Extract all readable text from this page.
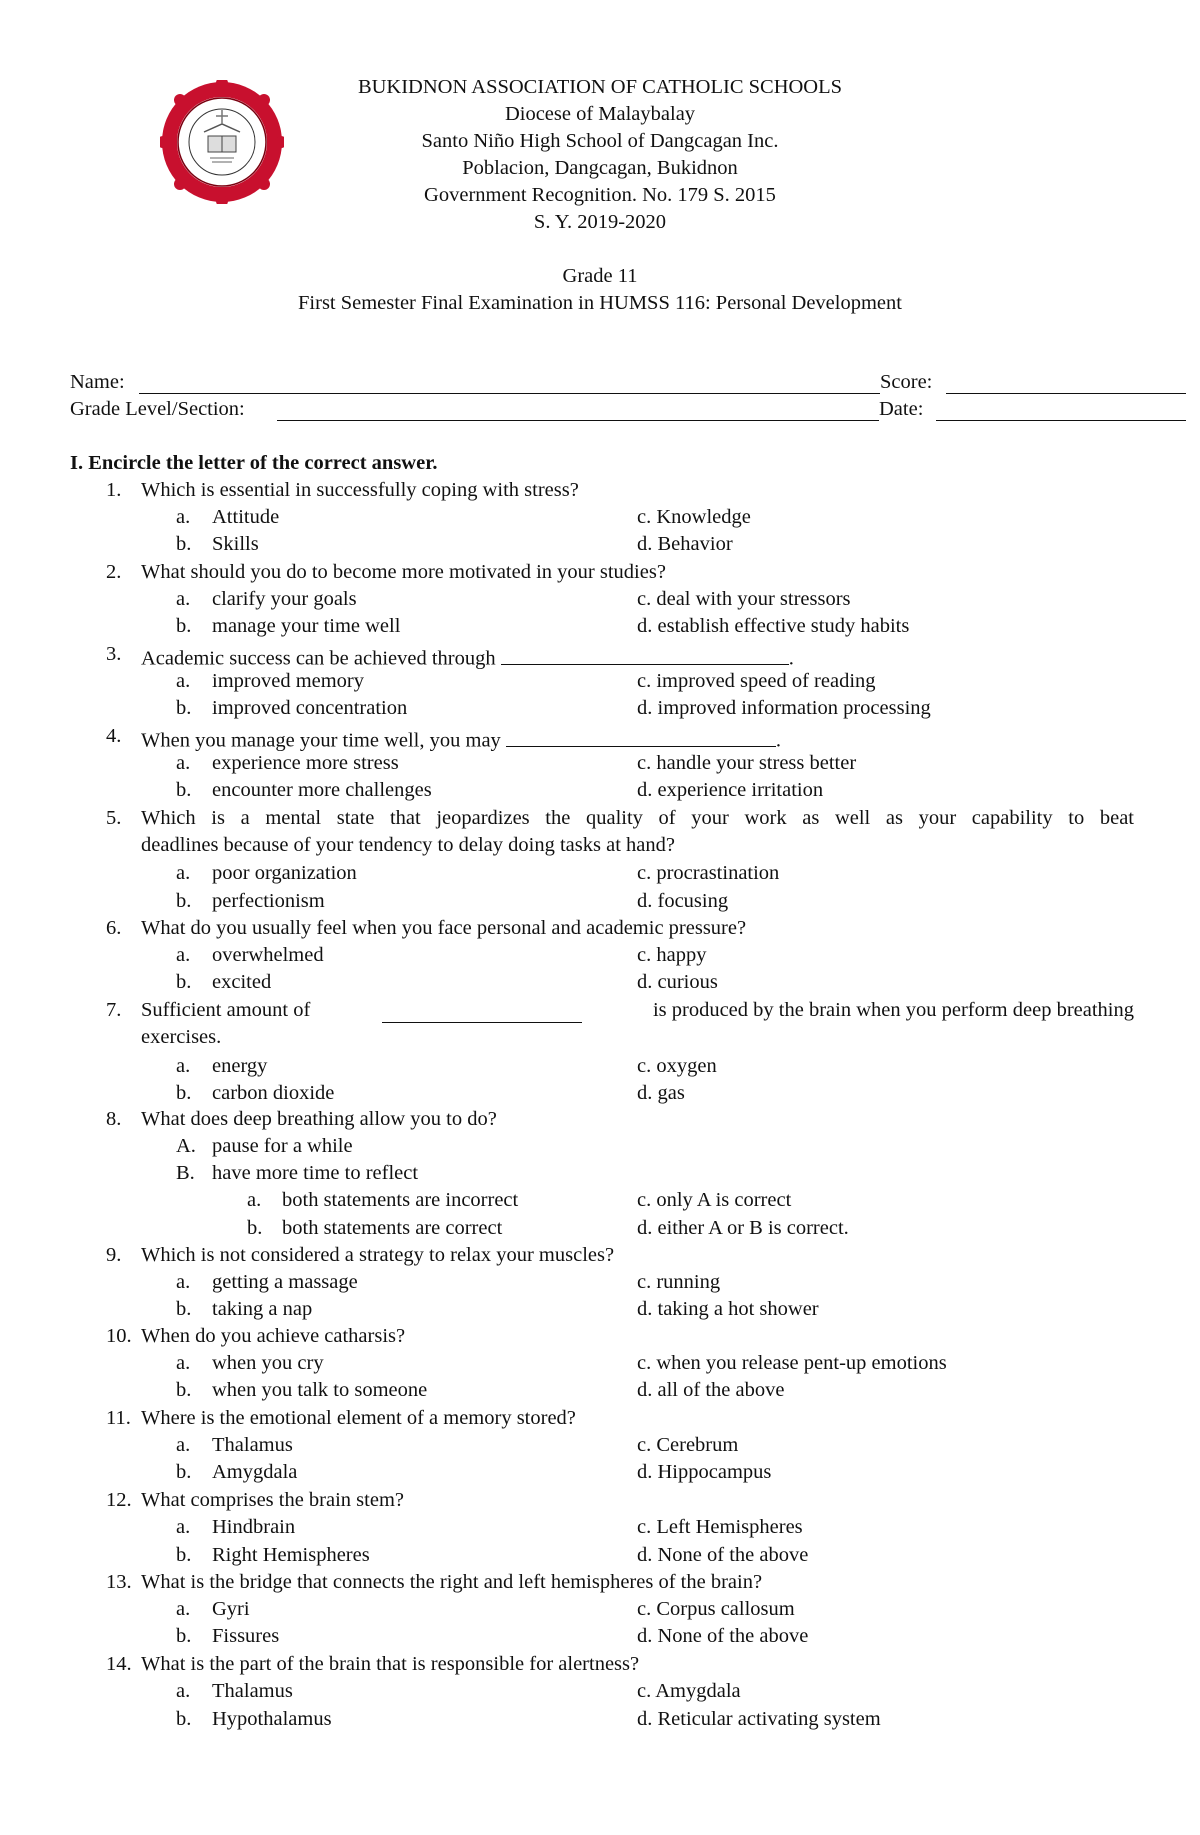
BUKIDNON ASSOCIATION OF CATHOLIC SCHOOLS
Diocese of Malaybalay
Santo Niño High School of Dangcagan Inc.
Poblacion, Dangcagan, Bukidnon
Government Recognition. No. 179 S. 2015
S. Y. 2019-2020
Grade 11
First Semester Final Examination in HUMSS 116: Personal Development
Name:	Score:
Grade Level/Section:	Date:
I. Encircle the letter of the correct answer.
1. Which is essential in successfully coping with stress?
a. Attitude	c. Knowledge
b. Skills	d. Behavior
2. What should you do to become more motivated in your studies?
a. clarify your goals	c. deal with your stressors
b. manage your time well	d. establish effective study habits
3. Academic success can be achieved through	.
a. improved memory	c. improved speed of reading
b. improved concentration	d. improved information processing
4. When you manage your time well, you may	.
a. experience more stress	c. handle your stress better
b. encounter more challenges	d. experience irritation
5. Which is a mental state that jeopardizes the quality of your work as well as your capability to beat
deadlines because of your tendency to delay doing tasks at hand?
a. poor organization	c. procrastination
b. perfectionism	d. focusing
6. What do you usually feel when you face personal and academic pressure?
a. overwhelmed	c. happy
b. excited	d. curious
7. Sufficient amount of	is produced by the brain when you perform deep breathing
exercises.
a. energy	c. oxygen
b. carbon dioxide	d. gas
8. What does deep breathing allow you to do?
A. pause for a while
B. have more time to reflect
a. both statements are incorrect	c. only A is correct
b. both statements are correct	d. either A or B is correct.
9. Which is not considered a strategy to relax your muscles?
a. getting a massage	c. running
b. taking a nap	d. taking a hot shower
10. When do you achieve catharsis?
a. when you cry	c. when you release pent-up emotions
b. when you talk to someone	d. all of the above
11. Where is the emotional element of a memory stored?
a. Thalamus	c. Cerebrum
b. Amygdala	d. Hippocampus
12. What comprises the brain stem?
a. Hindbrain	c. Left Hemispheres
b. Right Hemispheres	d. None of the above
13. What is the bridge that connects the right and left hemispheres of the brain?
a. Gyri	c. Corpus callosum
b. Fissures	d. None of the above
14. What is the part of the brain that is responsible for alertness?
a. Thalamus	c. Amygdala
b. Hypothalamus	d. Reticular activating system
